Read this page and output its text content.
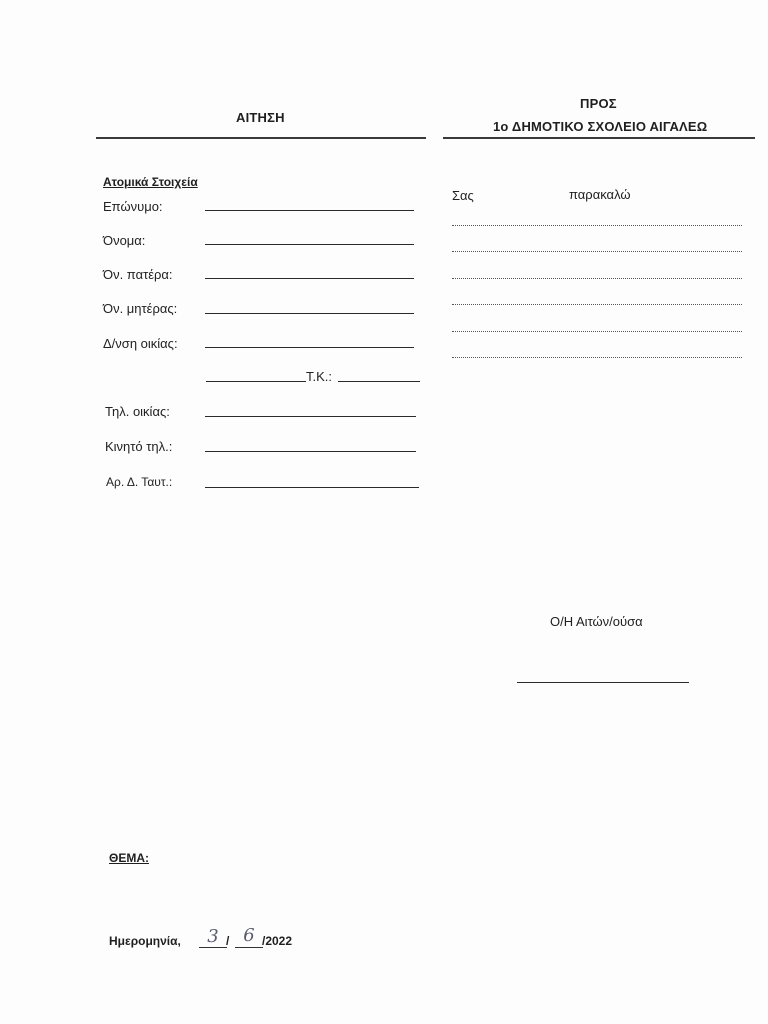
ΑΙΤΗΣΗ
ΠΡΟΣ
1ο ΔΗΜΟΤΙΚΟ ΣΧΟΛΕΙΟ ΑΙΓΑΛΕΩ
Ατομικά Στοιχεία
Επώνυμο:
Όνομα:
Όν. πατέρα:
Όν. μητέρας:
Δ/νση οικίας:
Τ.Κ.:
Τηλ. οικίας:
Κινητό τηλ.:
Αρ. Δ. Ταυτ.:
Σας	παρακαλώ
Ο/Η Αιτών/ούσα
ΘΕΜΑ:
Ημερομηνία, 3 / 6 /2022
